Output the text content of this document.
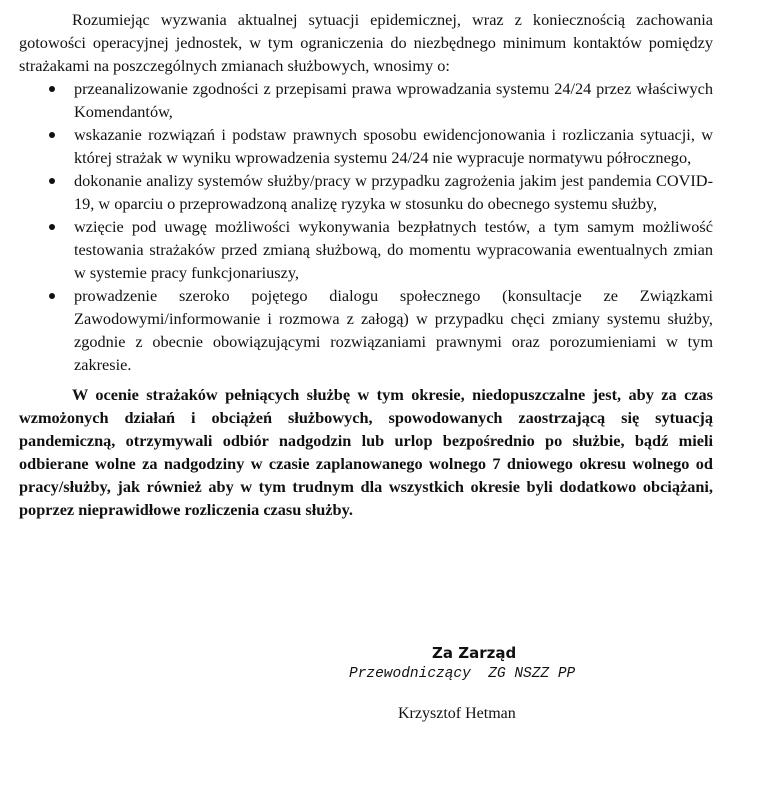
Rozumiejąc wyzwania aktualnej sytuacji epidemicznej, wraz z koniecznością zachowania gotowości operacyjnej jednostek, w tym ograniczenia do niezbędnego minimum kontaktów pomiędzy strażakami na poszczególnych zmianach służbowych, wnosimy o:

przeanalizowanie zgodności z przepisami prawa wprowadzania systemu 24/24 przez właściwych Komendantów,
wskazanie rozwiązań i podstaw prawnych sposobu ewidencjonowania i rozliczania sytuacji, w której strażak w wyniku wprowadzenia systemu 24/24 nie wypracuje normatywu półrocznego,
dokonanie analizy systemów służby/pracy w przypadku zagrożenia jakim jest pandemia COVID-19, w oparciu o przeprowadzoną analizę ryzyka w stosunku do obecnego systemu służby,
wzięcie pod uwagę możliwości wykonywania bezpłatnych testów, a tym samym możliwość testowania strażaków przed zmianą służbową, do momentu wypracowania ewentualnych zmian w systemie pracy funkcjonariuszy,
prowadzenie szeroko pojętego dialogu społecznego (konsultacje ze Związkami Zawodowymi/informowanie i rozmowa z załogą) w przypadku chęci zmiany systemu służby, zgodnie z obecnie obowiązującymi rozwiązaniami prawnymi oraz porozumieniami w tym zakresie.

W ocenie strażaków pełniących służbę w tym okresie, niedopuszczalne jest, aby za czas wzmożonych działań i obciążeń służbowych, spowodowanych zaostrzającą się sytuacją pandemiczną, otrzymywali odbiór nadgodzin lub urlop bezpośrednio po służbie, bądź mieli odbierane wolne za nadgodziny w czasie zaplanowanego wolnego 7 dniowego okresu wolnego od pracy/służby, jak również aby w tym trudnym dla wszystkich okresie byli dodatkowo obciążani, poprzez nieprawidłowe rozliczenia czasu służby.

Za Zarząd
Przewodniczący  ZG NSZZ PP
Krzysztof Hetman
